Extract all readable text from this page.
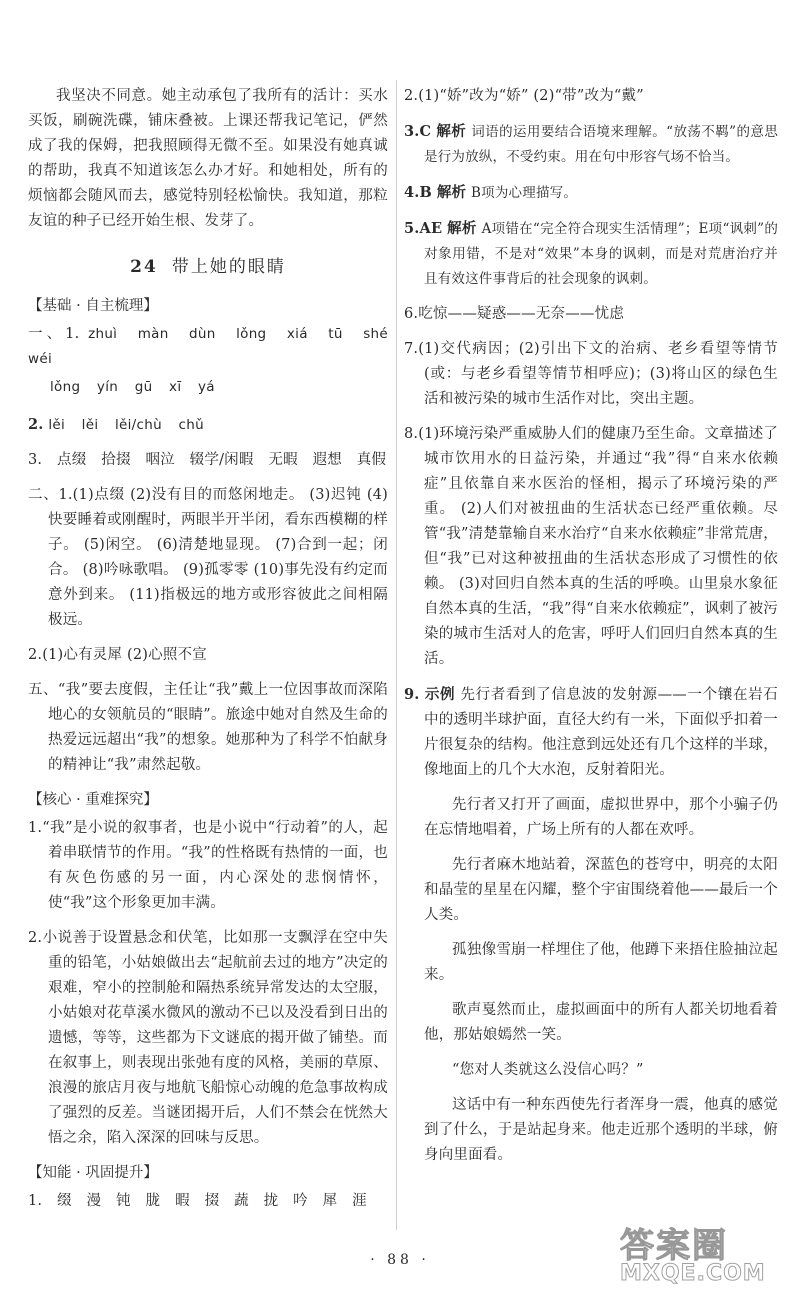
我坚决不同意。她主动承包了我所有的活计：买水买饭，刷碗洗碟，铺床叠被。上课还帮我记笔记，俨然成了我的保姆，把我照顾得无微不至。如果没有她真诚的帮助，我真不知道该怎么办才好。和她相处，所有的烦恼都会随风而去，感觉特别轻松愉快。我知道，那粒友谊的种子已经开始生根、发芽了。

24 带上她的眼睛
【基础 · 自主梳理】
一、1. zhuì màn dùn lǒng xiá tū shé wéi
lǒng yín gū xī yá
2. lěi lěi lěi/chù chǔ

3. 点缀 拾掇 咽泣 辍学/闲暇 无暇 遐想 真假

二、1.(1)点缀 (2)没有目的而悠闲地走。 (3)迟钝 (4)快要睡着或刚醒时，两眼半开半闭，看东西模糊的样子。 (5)闲空。 (6)清楚地显现。 (7)合到一起；闭合。 (8)吟咏歌唱。 (9)孤零零 (10)事先没有约定而意外到来。 (11)指极远的地方或形容彼此之间相隔极远。

2.(1)心有灵犀 (2)心照不宣

五、“我”要去度假，主任让“我”戴上一位因事故而深陷地心的女领航员的“眼睛”。旅途中她对自然及生命的热爱远远超出“我”的想象。她那种为了科学不怕献身的精神让“我”肃然起敬。

【核心 · 重难探究】

1.“我”是小说的叙事者，也是小说中“行动着”的人，起着串联情节的作用。“我”的性格既有热情的一面，也有灰色伤感的另一面，内心深处的悲悯情怀，使“我”这个形象更加丰满。

2.小说善于设置悬念和伏笔，比如那一支飘浮在空中失重的铅笔，小姑娘做出去“起航前去过的地方”决定的艰难，窄小的控制舱和隔热系统异常发达的太空服，小姑娘对花草溪水微风的激动不已以及没看到日出的遗憾，等等，这些都为下文谜底的揭开做了铺垫。而在叙事上，则表现出张弛有度的风格，美丽的草原、浪漫的旅店月夜与地航飞船惊心动魄的危急事故构成了强烈的反差。当谜团揭开后，人们不禁会在恍然大悟之余，陷入深深的回味与反思。

【知能 · 巩固提升】

1. 缀 漫 钝 胧 暇 掇 蔬 拢 吟 犀 涯

2.(1)“娇”改为“娇” (2)“带”改为“戴”

3.C 解析 词语的运用要结合语境来理解。“放荡不羁”的意思是行为放纵，不受约束。用在句中形容气场不恰当。

4.B 解析 B项为心理描写。

5.AE 解析 A项错在“完全符合现实生活情理”；E项“讽刺”的对象用错，不是对“效果”本身的讽刺，而是对荒唐治疗并且有效这件事背后的社会现象的讽刺。

6.吃惊——疑惑——无奈——忧虑

7.(1)交代病因；(2)引出下文的治病、老乡看望等情节(或：与老乡看望等情节相呼应)；(3)将山区的绿色生活和被污染的城市生活作对比，突出主题。

8.(1)环境污染严重威胁人们的健康乃至生命。文章描述了城市饮用水的日益污染，并通过“我”得“自来水依赖症”且依靠自来水医治的怪相，揭示了环境污染的严重。 (2)人们对被扭曲的生活状态已经严重依赖。尽管“我”清楚靠输自来水治疗“自来水依赖症”非常荒唐，但“我”已对这种被扭曲的生活状态形成了习惯性的依赖。 (3)对回归自然本真的生活的呼唤。山里泉水象征自然本真的生活，“我”得“自来水依赖症”，讽刺了被污染的城市生活对人的危害，呼吁人们回归自然本真的生活。

9. 示例 先行者看到了信息波的发射源——一个镶在岩石中的透明半球护面，直径大约有一米，下面似乎扣着一片很复杂的结构。他注意到远处还有几个这样的半球，像地面上的几个大水泡，反射着阳光。

先行者又打开了画面，虚拟世界中，那个小骗子仍在忘情地唱着，广场上所有的人都在欢呼。

先行者麻木地站着，深蓝色的苍穹中，明亮的太阳和晶莹的星星在闪耀，整个宇宙围绕着他——最后一个人类。

孤独像雪崩一样埋住了他，他蹲下来捂住脸抽泣起来。

歌声戛然而止，虚拟画面中的所有人都关切地看着他，那姑娘嫣然一笑。

“您对人类就这么没信心吗？”

这话中有一种东西使先行者浑身一震，他真的感觉到了什么，于是站起身来。他走近那个透明的半球，俯身向里面看。

· 88 ·	答案圈
MXQE.COM
